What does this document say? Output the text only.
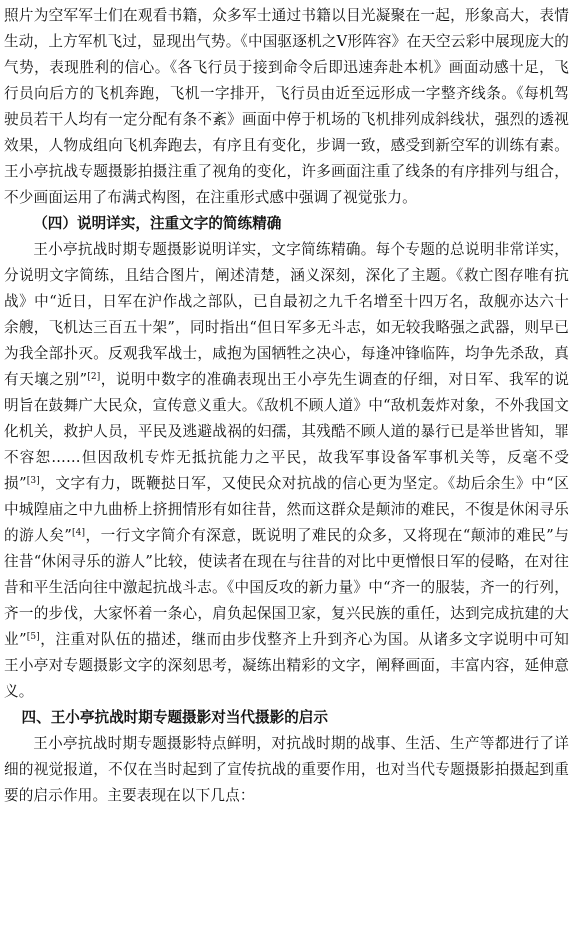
照片为空军军士们在观看书籍，众多军士通过书籍以目光凝聚在一起，形象高大，表情生动，上方军机飞过，显现出气势。《中国驱逐机之V形阵容》在天空云彩中展现庞大的气势，表现胜利的信心。《各飞行员于接到命令后即迅速奔赴本机》画面动感十足，飞行员向后方的飞机奔跑，飞机一字排开，飞行员由近至远形成一字整齐线条。《每机驾驶员若干人均有一定分配有条不紊》画面中停于机场的飞机排列成斜线状，强烈的透视效果，人物成组向飞机奔跑去，有序且有变化，步调一致，感受到新空军的训练有素。王小亭抗战专题摄影拍摄注重了视角的变化，许多画面注重了线条的有序排列与组合，不少画面运用了布满式构图，在注重形式感中强调了视觉张力。

（四）说明详实，注重文字的简练精确

王小亭抗战时期专题摄影说明详实，文字简练精确。每个专题的总说明非常详实，分说明文字简练，且结合图片，阐述清楚，涵义深刻，深化了主题。《救亡图存唯有抗战》中“近日，日军在沪作战之部队，已自最初之九千名增至十四万名，敌舰亦达六十余艘，飞机达三百五十架”，同时指出“但日军多无斗志，如无较我略强之武器，则早已为我全部扑灭。反观我军战士，咸抱为国牺牲之决心，每逢冲锋临阵，均争先杀敌，真有天壤之别”[2]，说明中数字的准确表现出王小亭先生调查的仔细，对日军、我军的说明旨在鼓舞广大民众，宣传意义重大。《敌机不顾人道》中“敌机轰炸对象，不外我国文化机关，救护人员，平民及逃避战祸的妇孺，其残酷不顾人道的暴行已是举世皆知，罪不容恕……但因敌机专炸无抵抗能力之平民，故我军事设备军事机关等，反毫不受损”[3]，文字有力，既鞭挞日军，又使民众对抗战的信心更为坚定。《劫后余生》中“区中城隍庙之中九曲桥上挤拥情形有如往昔，然而这群众是颠沛的难民，不復是休闲寻乐的游人矣”[4]，一行文字简介有深意，既说明了难民的众多，又将现在“颠沛的难民”与往昔“休闲寻乐的游人”比较，使读者在现在与往昔的对比中更憎恨日军的侵略，在对往昔和平生活向往中激起抗战斗志。《中国反攻的新力量》中“齐一的服装，齐一的行列，齐一的步伐，大家怀着一条心，肩负起保国卫家，复兴民族的重任，达到完成抗建的大业”[5]，注重对队伍的描述，继而由步伐整齐上升到齐心为国。从诸多文字说明中可知王小亭对专题摄影文字的深刻思考，凝练出精彩的文字，阐释画面，丰富内容，延伸意义。

四、王小亭抗战时期专题摄影对当代摄影的启示

王小亭抗战时期专题摄影特点鲜明，对抗战时期的战事、生活、生产等都进行了详细的视觉报道，不仅在当时起到了宣传抗战的重要作用，也对当代专题摄影拍摄起到重要的启示作用。主要表现在以下几点：
